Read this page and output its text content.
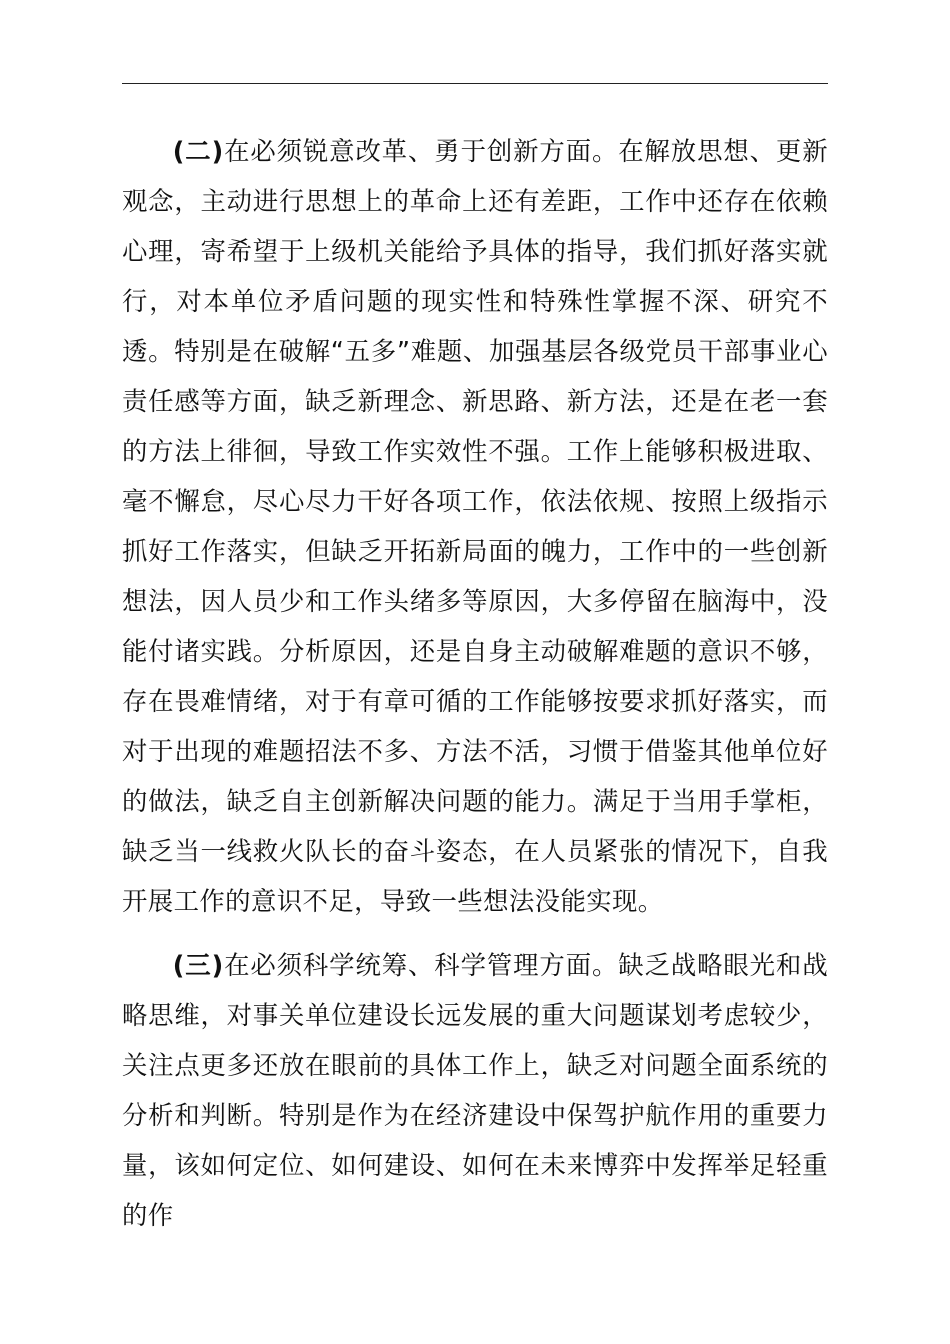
(二)在必须锐意改革、勇于创新方面。在解放思想、更新观念，主动进行思想上的革命上还有差距，工作中还存在依赖心理，寄希望于上级机关能给予具体的指导，我们抓好落实就行，对本单位矛盾问题的现实性和特殊性掌握不深、研究不透。特别是在破解“五多”难题、加强基层各级党员干部事业心责任感等方面，缺乏新理念、新思路、新方法，还是在老一套的方法上徘徊，导致工作实效性不强。工作上能够积极进取、毫不懈怠，尽心尽力干好各项工作，依法依规、按照上级指示抓好工作落实，但缺乏开拓新局面的魄力，工作中的一些创新想法，因人员少和工作头绪多等原因，大多停留在脑海中，没能付诸实践。分析原因，还是自身主动破解难题的意识不够，存在畏难情绪，对于有章可循的工作能够按要求抓好落实，而对于出现的难题招法不多、方法不活，习惯于借鉴其他单位好的做法，缺乏自主创新解决问题的能力。满足于当用手掌柜，缺乏当一线救火队长的奋斗姿态，在人员紧张的情况下，自我开展工作的意识不足，导致一些想法没能实现。

(三)在必须科学统筹、科学管理方面。缺乏战略眼光和战略思维，对事关单位建设长远发展的重大问题谋划考虑较少，关注点更多还放在眼前的具体工作上，缺乏对问题全面系统的分析和判断。特别是作为在经济建设中保驾护航作用的重要力量，该如何定位、如何建设、如何在未来博弈中发挥举足轻重的作
